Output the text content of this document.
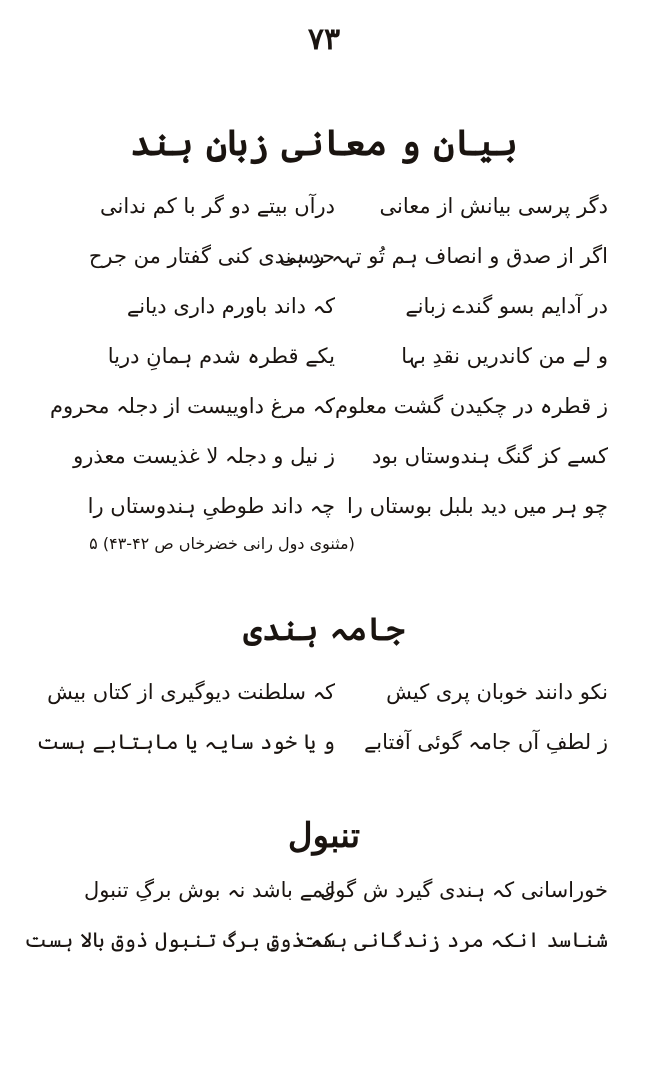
۷۳
بیان و معانی زبانِ ہند
دگر پرسی بیانش از معانی
درآں بیتے دو گر با کم ندانی
اگر از صدق و انصاف ہم تُو تہہ رسی
حدِ ہندی کنی گفتار من جرح
در آدایم بسو گندے زبانے
کہ داند باورم داری دیانے
و لے من کاندریں نقدِ بہا
یکے قطرہ شدم ہمانِ دریا
ز قطرہ در چکیدن گشت معلوم
کہ مرغ داوییست از دجلہ محروم
کسے کز گنگ ہندوستاں بود
ز نیل و دجلہ لا غذیست معذرو
چو ہر میں دید بلبل بوستاں را
چہ داند طوطیِ ہندوستاں را
(مثنوی دول رانی خضرخاں ص ۴۲-۴۳) ۵
جامہ ہندی
نکو دانند خوبان پری کیش
کہ سلطنت دیوگیری از کتاں بیش
ز لطفِ آں جامہ گوئی آفتابے
و یا خود سایہ یا ماہتابے ہست
تنبول
خوراسانی کہ ہندی گیرد ش گول
غمے باشد نہ بوش برگِ تنبول
شناسد انکہ مرد زندگانی ہست
کہ ذوقِ برگ تنبول ذوق بالا ہست
